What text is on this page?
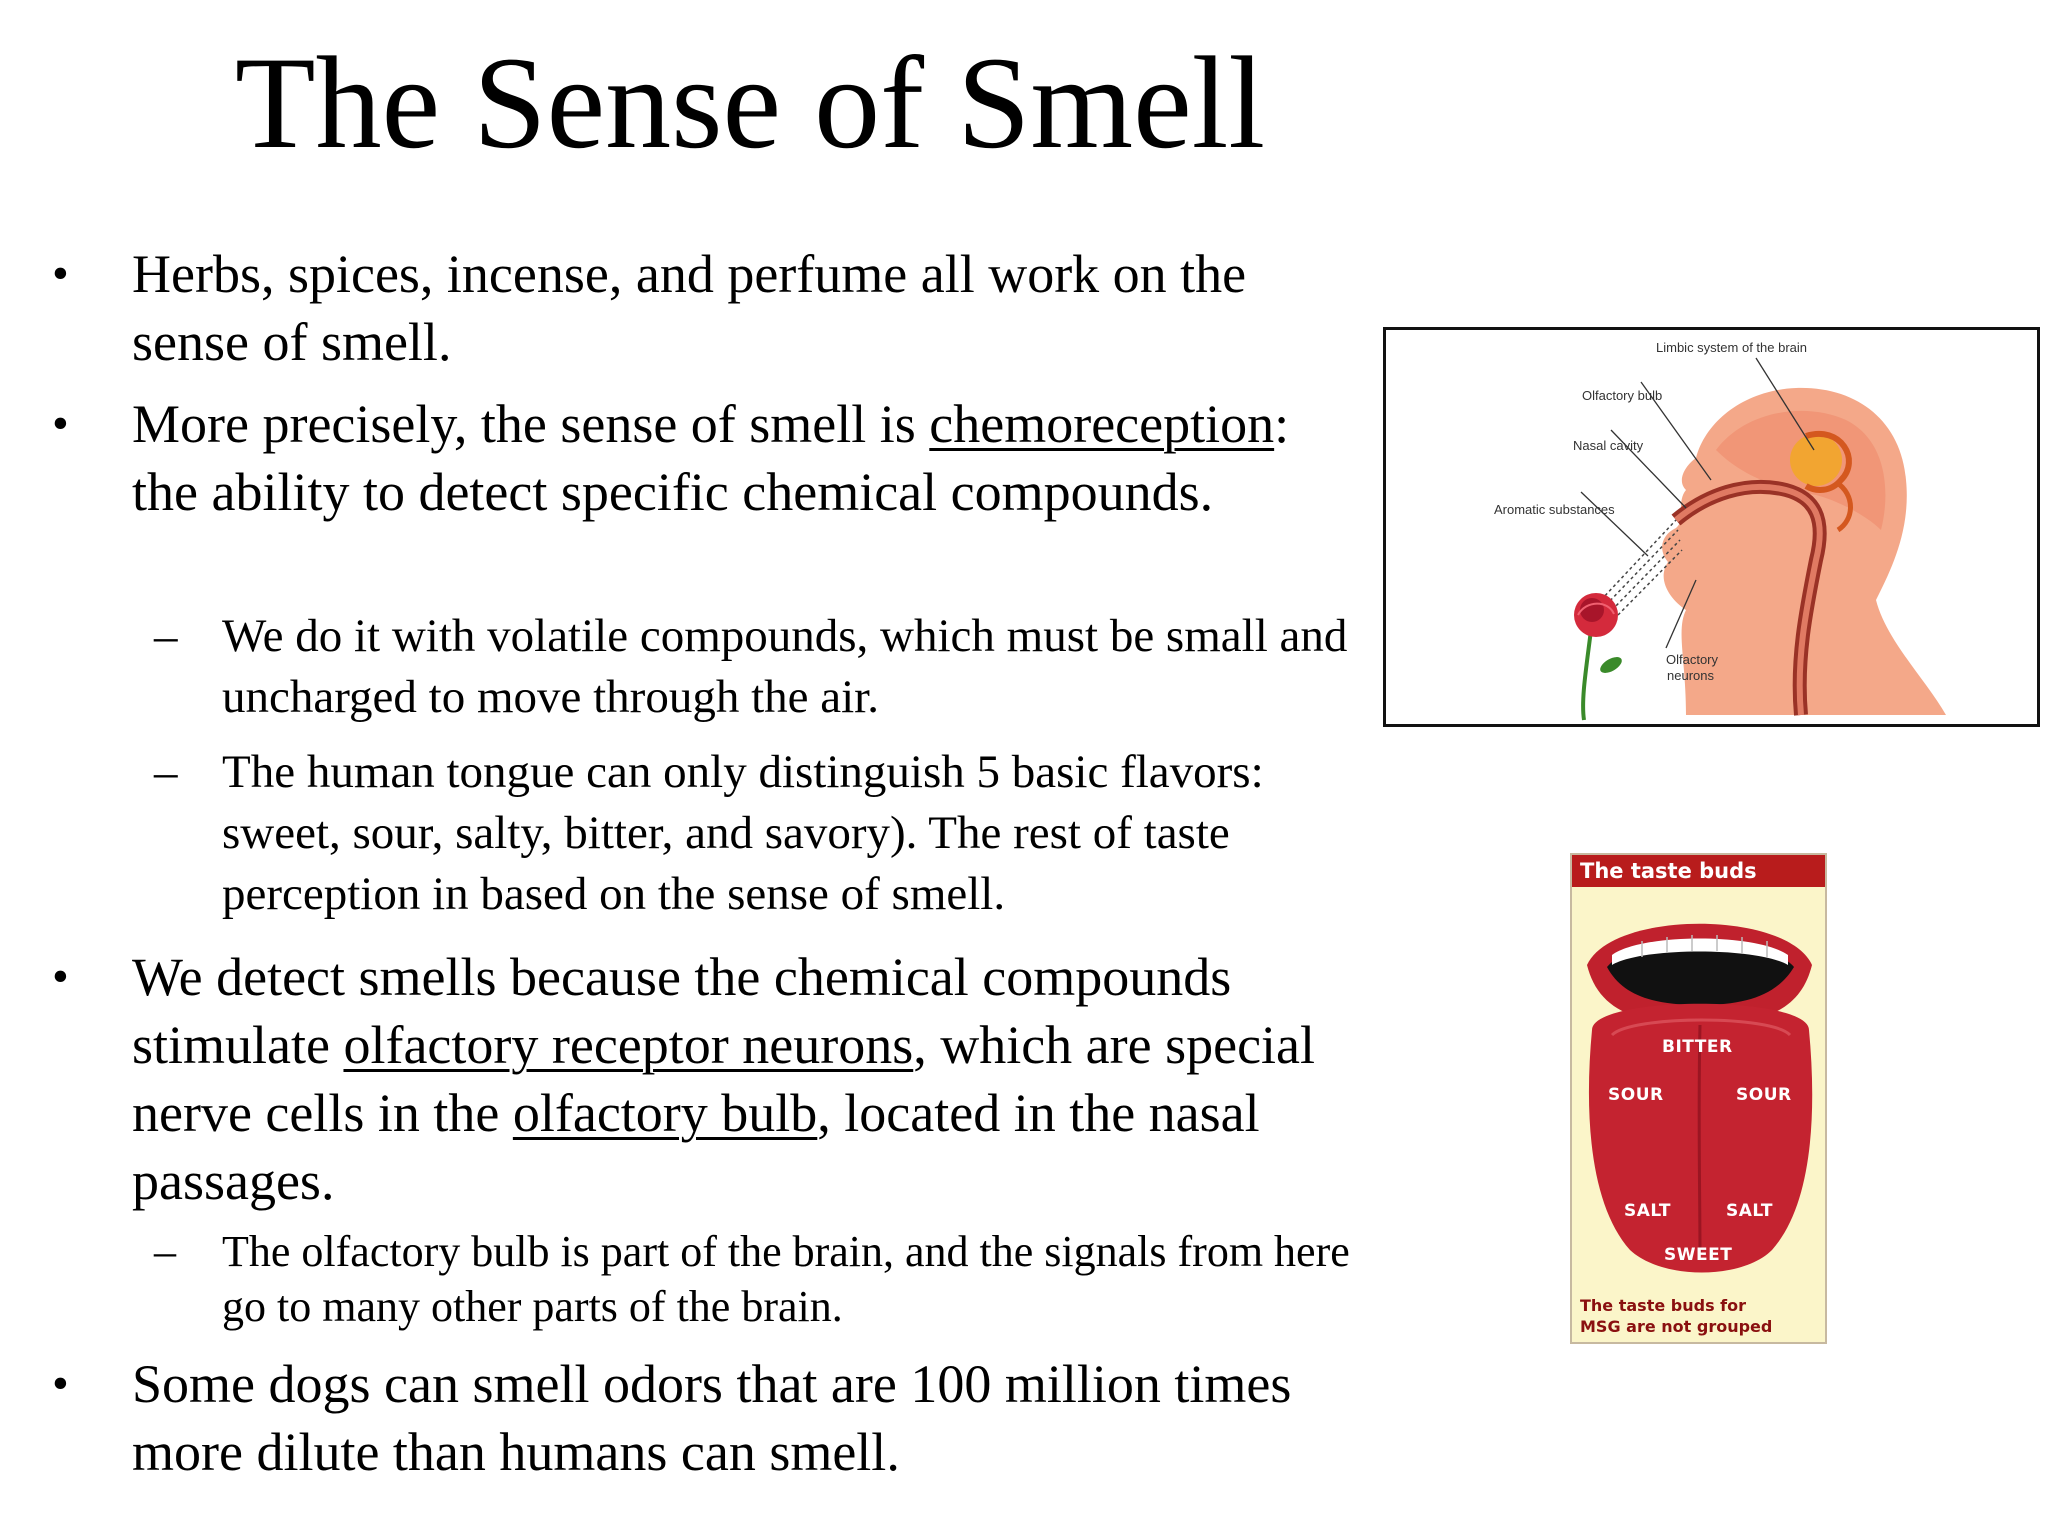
The Sense of Smell
• Herbs, spices, incense, and perfume all work on the sense of smell.
• More precisely, the sense of smell is chemoreception: the ability to detect specific chemical compounds.
– We do it with volatile compounds, which must be small and uncharged to move through the air.
– The human tongue can only distinguish 5 basic flavors: sweet, sour, salty, bitter, and savory). The rest of taste perception in based on the sense of smell.
• We detect smells because the chemical compounds stimulate olfactory receptor neurons, which are special nerve cells in the olfactory bulb, located in the nasal passages.
– The olfactory bulb is part of the brain, and the signals from here go to many other parts of the brain.
• Some dogs can smell odors that are 100 million times more dilute than humans can smell.
Limbic system of the brain
Olfactory bulb
Nasal cavity
Aromatic substances
Olfactory
neurons
The taste buds
BITTER
SOUR	SOUR
SALT	SALT
SWEET
The taste buds for
MSG are not grouped
